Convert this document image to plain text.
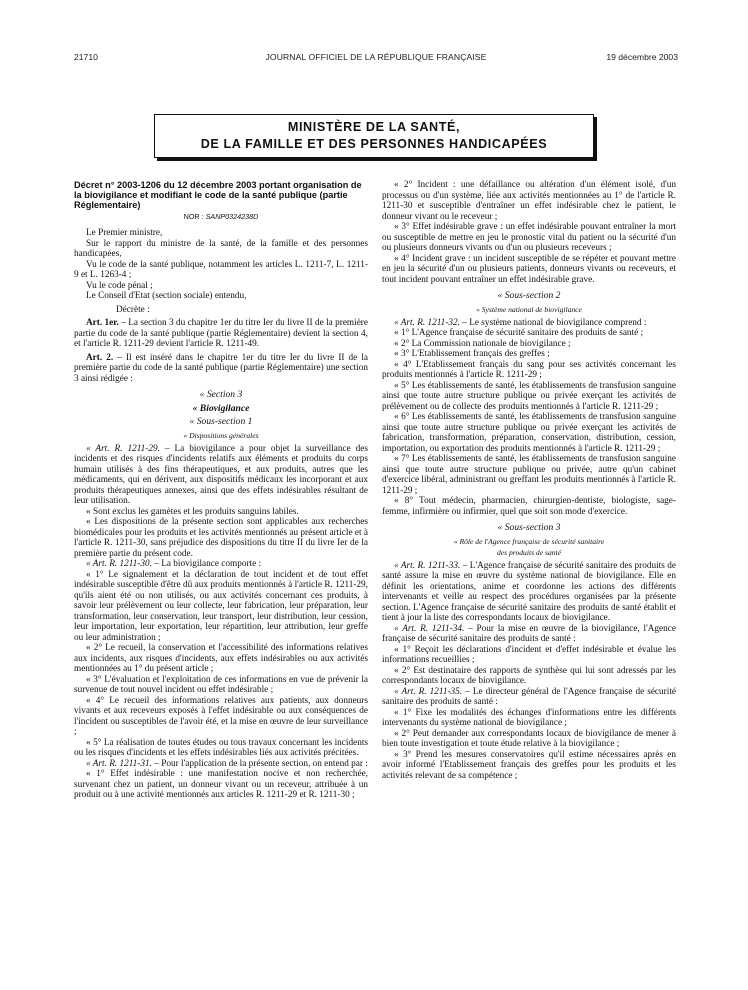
21710	JOURNAL OFFICIEL DE LA RÉPUBLIQUE FRANÇAISE	19 décembre 2003
MINISTÈRE DE LA SANTÉ,
DE LA FAMILLE ET DES PERSONNES HANDICAPÉES

Décret n° 2003-1206 du 12 décembre 2003 portant organisation de la biovigilance et modifiant le code de la santé publique (partie Réglementaire)

NOR : SANP0324238D

Le Premier ministre,

Sur le rapport du ministre de la santé, de la famille et des personnes handicapées,

Vu le code de la santé publique, notamment les articles L. 1211-7, L. 1211-9 et L. 1263-4 ;

Vu le code pénal ;

Le Conseil d'Etat (section sociale) entendu,

Décrète :

Art. 1er. – La section 3 du chapitre 1er du titre Ier du livre II de la première partie du code de la santé publique (partie Réglementaire) devient la section 4, et l'article R. 1211-29 devient l'article R. 1211-49.

Art. 2. – Il est inséré dans le chapitre 1er du titre Ier du livre II de la première partie du code de la santé publique (partie Réglementaire) une section 3 ainsi rédigée :

« Section 3

« Biovigilance

« Sous-section 1

« Dispositions générales

« Art. R. 1211-29. – La biovigilance a pour objet la surveillance des incidents et des risques d'incidents relatifs aux éléments et produits du corps humain utilisés à des fins thérapeutiques, et aux produits, autres que les médicaments, qui en dérivent, aux dispositifs médicaux les incorporant et aux produits thérapeutiques annexes, ainsi que des effets indésirables résultant de leur utilisation.

« Sont exclus les gamètes et les produits sanguins labiles.

« Les dispositions de la présente section sont applicables aux recherches biomédicales pour les produits et les activités mentionnés au présent article et à l'article R. 1211-30, sans préjudice des dispositions du titre II du livre Ier de la première partie du présent code.

« Art. R. 1211-30. – La biovigilance comporte :

« 1° Le signalement et la déclaration de tout incident et de tout effet indésirable susceptible d'être dû aux produits mentionnés à l'article R. 1211-29, qu'ils aient été ou non utilisés, ou aux activités concernant ces produits, à savoir leur prélèvement ou leur collecte, leur fabrication, leur préparation, leur transformation, leur conservation, leur transport, leur distribution, leur cession, leur importation, leur exportation, leur répartition, leur attribution, leur greffe ou leur administration ;

« 2° Le recueil, la conservation et l'accessibilité des informations relatives aux incidents, aux risques d'incidents, aux effets indésirables ou aux activités mentionnées au 1° du présent article ;

« 3° L'évaluation et l'exploitation de ces informations en vue de prévenir la survenue de tout nouvel incident ou effet indésirable ;

« 4° Le recueil des informations relatives aux patients, aux donneurs vivants et aux receveurs exposés à l'effet indésirable ou aux conséquences de l'incident ou susceptibles de l'avoir été, et la mise en œuvre de leur surveillance ;

« 5° La réalisation de toutes études ou tous travaux concernant les incidents ou les risques d'incidents et les effets indésirables liés aux activités précitées.

« Art. R. 1211-31. – Pour l'application de la présente section, on entend par :

« 1° Effet indésirable : une manifestation nocive et non recherchée, survenant chez un patient, un donneur vivant ou un receveur, attribuée à un produit ou à une activité mentionnés aux articles R. 1211-29 et R. 1211-30 ;

« 2° Incident : une défaillance ou altération d'un élément isolé, d'un processus ou d'un système, liée aux activités mentionnées au 1° de l'article R. 1211-30 et susceptible d'entraîner un effet indésirable chez le patient, le donneur vivant ou le receveur ;

« 3° Effet indésirable grave : un effet indésirable pouvant entraîner la mort ou susceptible de mettre en jeu le pronostic vital du patient ou la sécurité d'un ou plusieurs donneurs vivants ou d'un ou plusieurs receveurs ;

« 4° Incident grave : un incident susceptible de se répéter et pouvant mettre en jeu la sécurité d'un ou plusieurs patients, donneurs vivants ou receveurs, et tout incident pouvant entraîner un effet indésirable grave.

« Sous-section 2

« Système national de biovigilance

« Art. R. 1211-32. – Le système national de biovigilance comprend :

« 1° L'Agence française de sécurité sanitaire des produits de santé ;

« 2° La Commission nationale de biovigilance ;

« 3° L'Etablissement français des greffes ;

« 4° L'Etablissement français du sang pour ses activités concernant les produits mentionnés à l'article R. 1211-29 ;

« 5° Les établissements de santé, les établissements de transfusion sanguine ainsi que toute autre structure publique ou privée exerçant les activités de prélèvement ou de collecte des produits mentionnés à l'article R. 1211-29 ;

« 6° Les établissements de santé, les établissements de transfusion sanguine ainsi que toute autre structure publique ou privée exerçant les activités de fabrication, transformation, préparation, conservation, distribution, cession, importation, ou exportation des produits mentionnés à l'article R. 1211-29 ;

« 7° Les établissements de santé, les établissements de transfusion sanguine ainsi que toute autre structure publique ou privée, autre qu'un cabinet d'exercice libéral, administrant ou greffant les produits mentionnés à l'article R. 1211-29 ;

« 8° Tout médecin, pharmacien, chirurgien-dentiste, biologiste, sage-femme, infirmière ou infirmier, quel que soit son mode d'exercice.

« Sous-section 3

« Rôle de l'Agence française de sécurité sanitaire

des produits de santé

« Art. R. 1211-33. – L'Agence française de sécurité sanitaire des produits de santé assure la mise en œuvre du système national de biovigilance. Elle en définit les orientations, anime et coordonne les actions des différents intervenants et veille au respect des procédures organisées par la présente section. L'Agence française de sécurité sanitaire des produits de santé établit et tient à jour la liste des correspondants locaux de biovigilance.

« Art. R. 1211-34. – Pour la mise en œuvre de la biovigilance, l'Agence française de sécurité sanitaire des produits de santé :

« 1° Reçoit les déclarations d'incident et d'effet indésirable et évalue les informations recueillies ;

« 2° Est destinataire des rapports de synthèse qui lui sont adressés par les correspondants locaux de biovigilance.

« Art. R. 1211-35. – Le directeur général de l'Agence française de sécurité sanitaire des produits de santé :

« 1° Fixe les modalités des échanges d'informations entre les différents intervenants du système national de biovigilance ;

« 2° Peut demander aux correspondants locaux de biovigilance de mener à bien toute investigation et toute étude relative à la biovigilance ;

« 3° Prend les mesures conservatoires qu'il estime nécessaires après en avoir informé l'Etablissement français des greffes pour les produits et les activités relevant de sa compétence ;
